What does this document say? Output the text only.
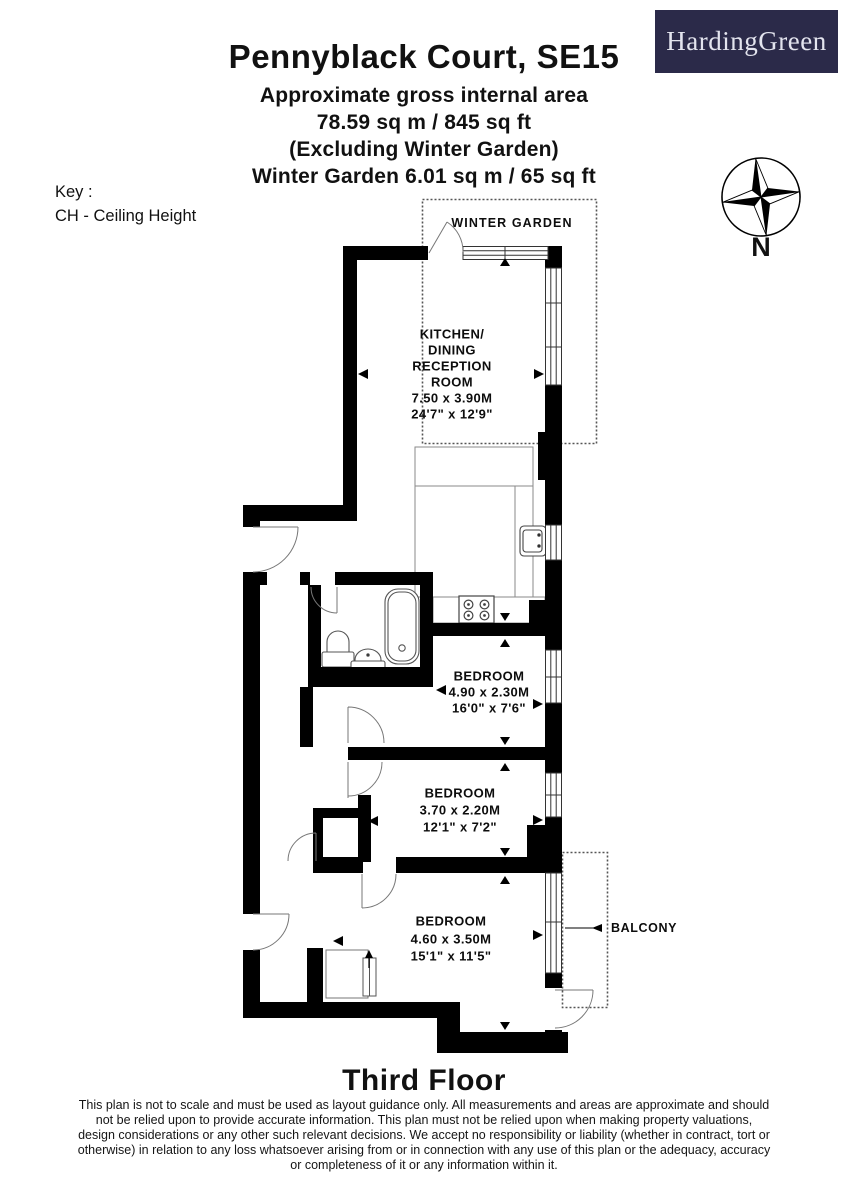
Pennyblack Court, SE15
Approximate gross internal area
78.59 sq m / 845 sq ft
(Excluding Winter Garden)
Winter Garden 6.01 sq m / 65 sq ft
HardingGreen
Key :
CH - Ceiling Height
N
WINTER GARDEN
KITCHEN/
DINING
RECEPTION
ROOM
7.50 x 3.90M
24'7" x 12'9"
BEDROOM
4.90 x 2.30M
16'0" x 7'6"
BEDROOM
3.70 x 2.20M
12'1" x 7'2"
BEDROOM
4.60 x 3.50M
15'1" x 11'5"
BALCONY
Third Floor
This plan is not to scale and must be used as layout guidance only. All measurements and areas are approximate and should
not be relied upon to provide accurate information. This plan must not be relied upon when making property valuations,
design considerations or any other such relevant decisions. We accept no responsibility or liability (whether in contract, tort or
otherwise) in relation to any loss whatsoever arising from or in connection with any use of this plan or the adequacy, accuracy
or completeness of it or any information within it.
